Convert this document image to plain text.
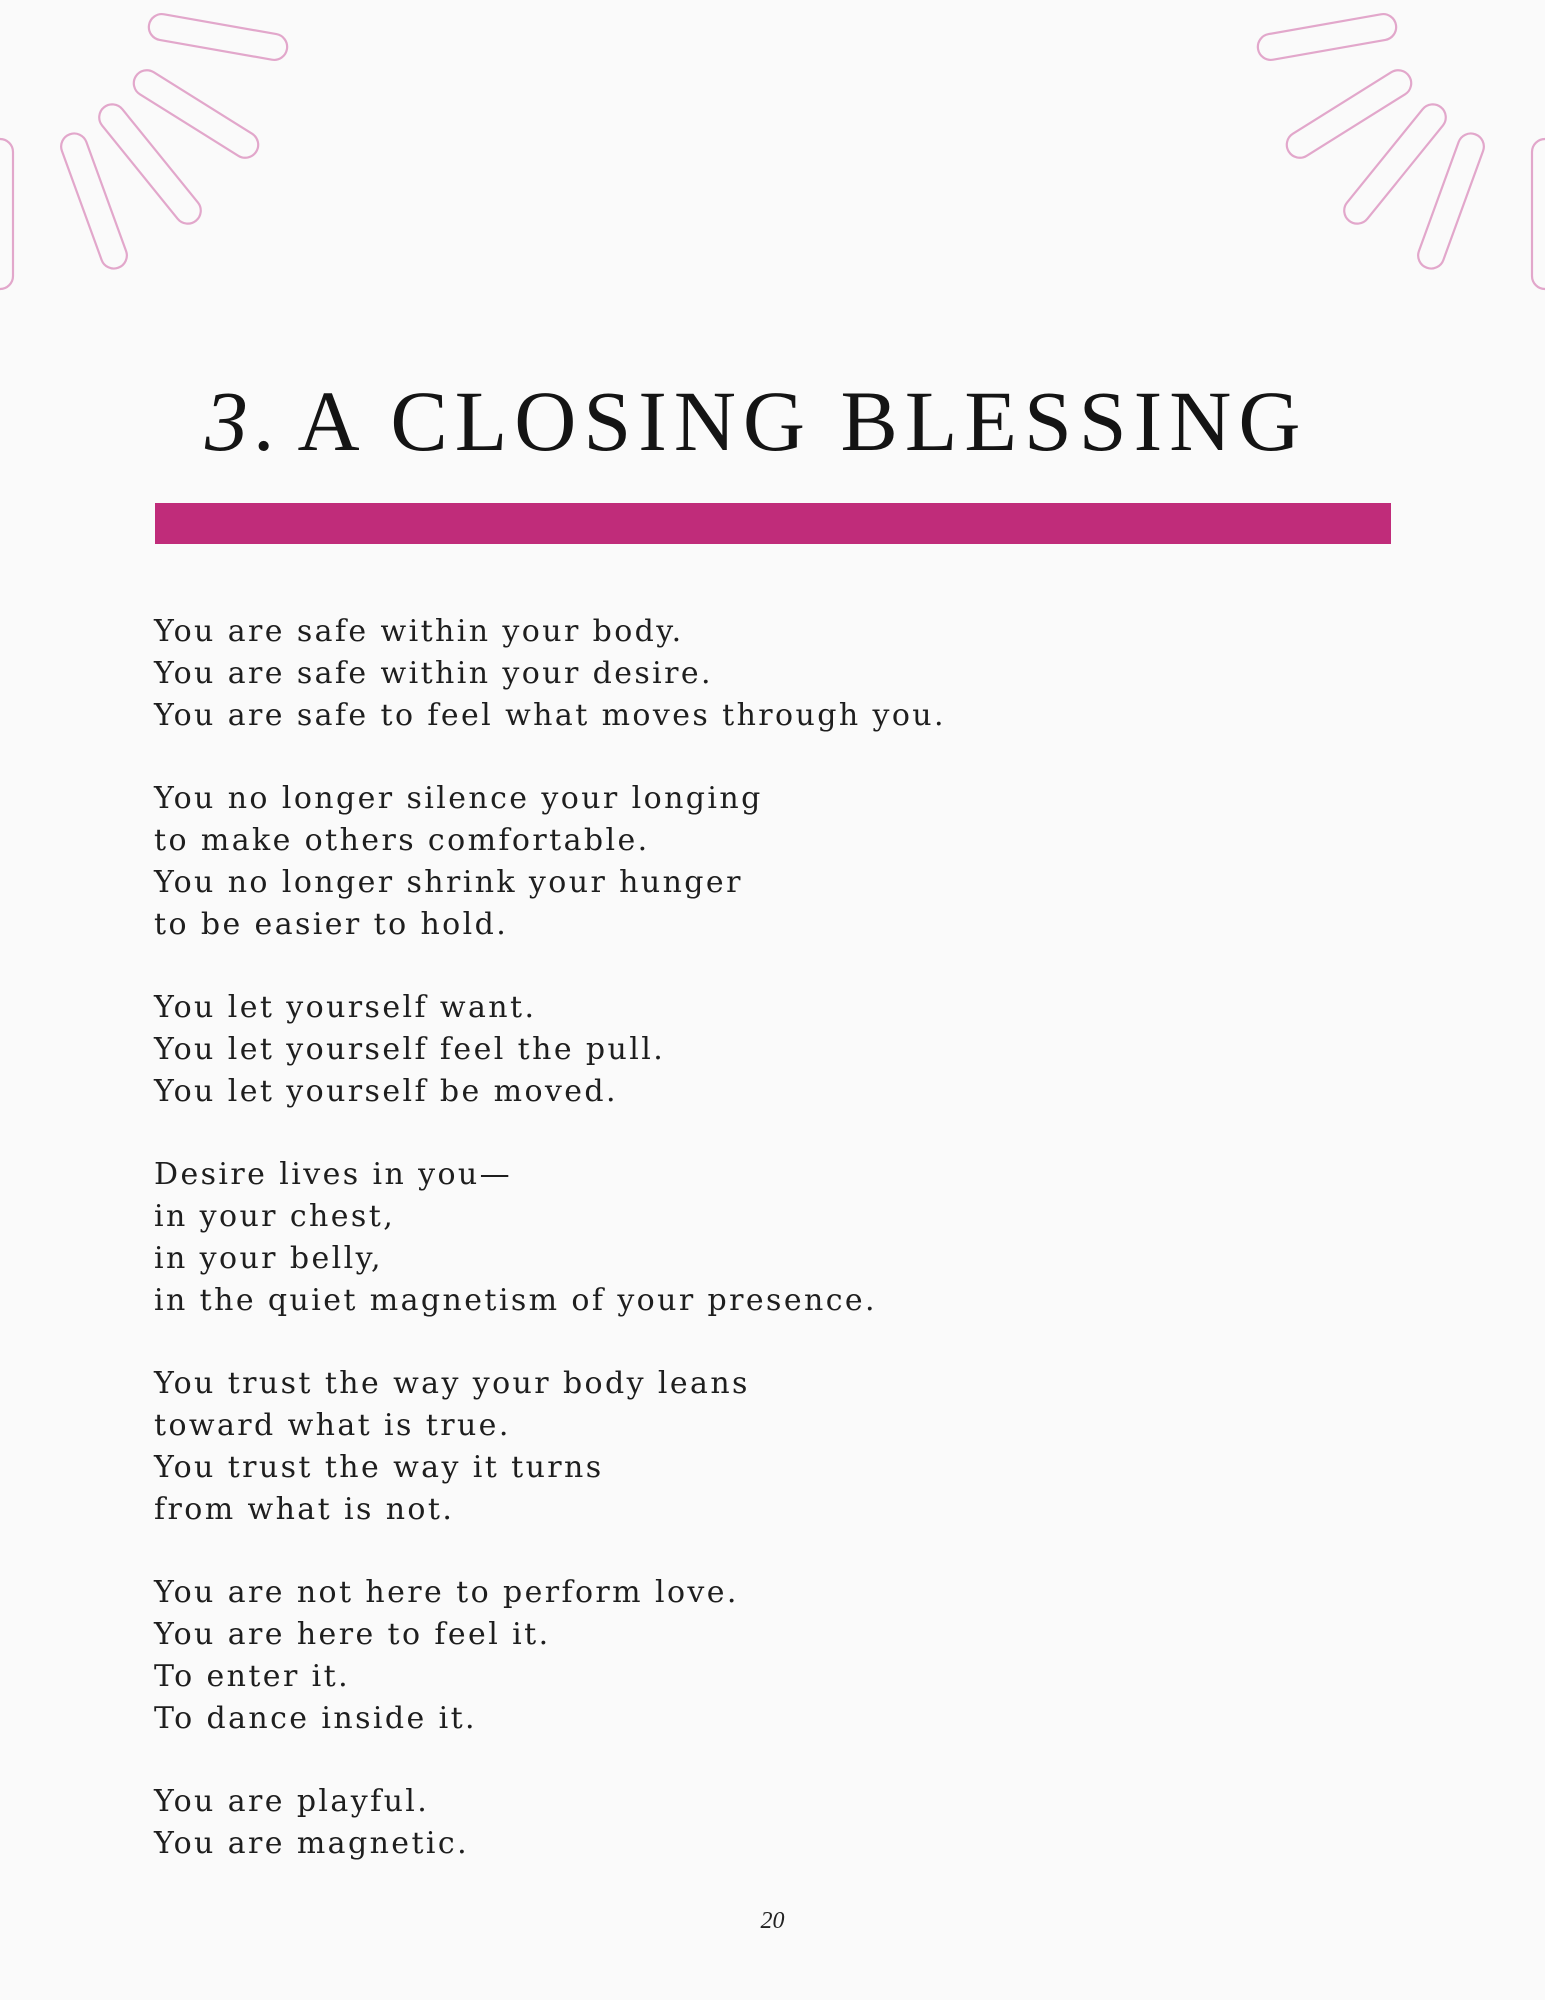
3. A CLOSING BLESSING
You are safe within your body.
You are safe within your desire.
You are safe to feel what moves through you.
You no longer silence your longing
to make others comfortable.
You no longer shrink your hunger
to be easier to hold.
You let yourself want.
You let yourself feel the pull.
You let yourself be moved.
Desire lives in you—
in your chest,
in your belly,
in the quiet magnetism of your presence.
You trust the way your body leans
toward what is true.
You trust the way it turns
from what is not.
You are not here to perform love.
You are here to feel it.
To enter it.
To dance inside it.
You are playful.
You are magnetic.
20
